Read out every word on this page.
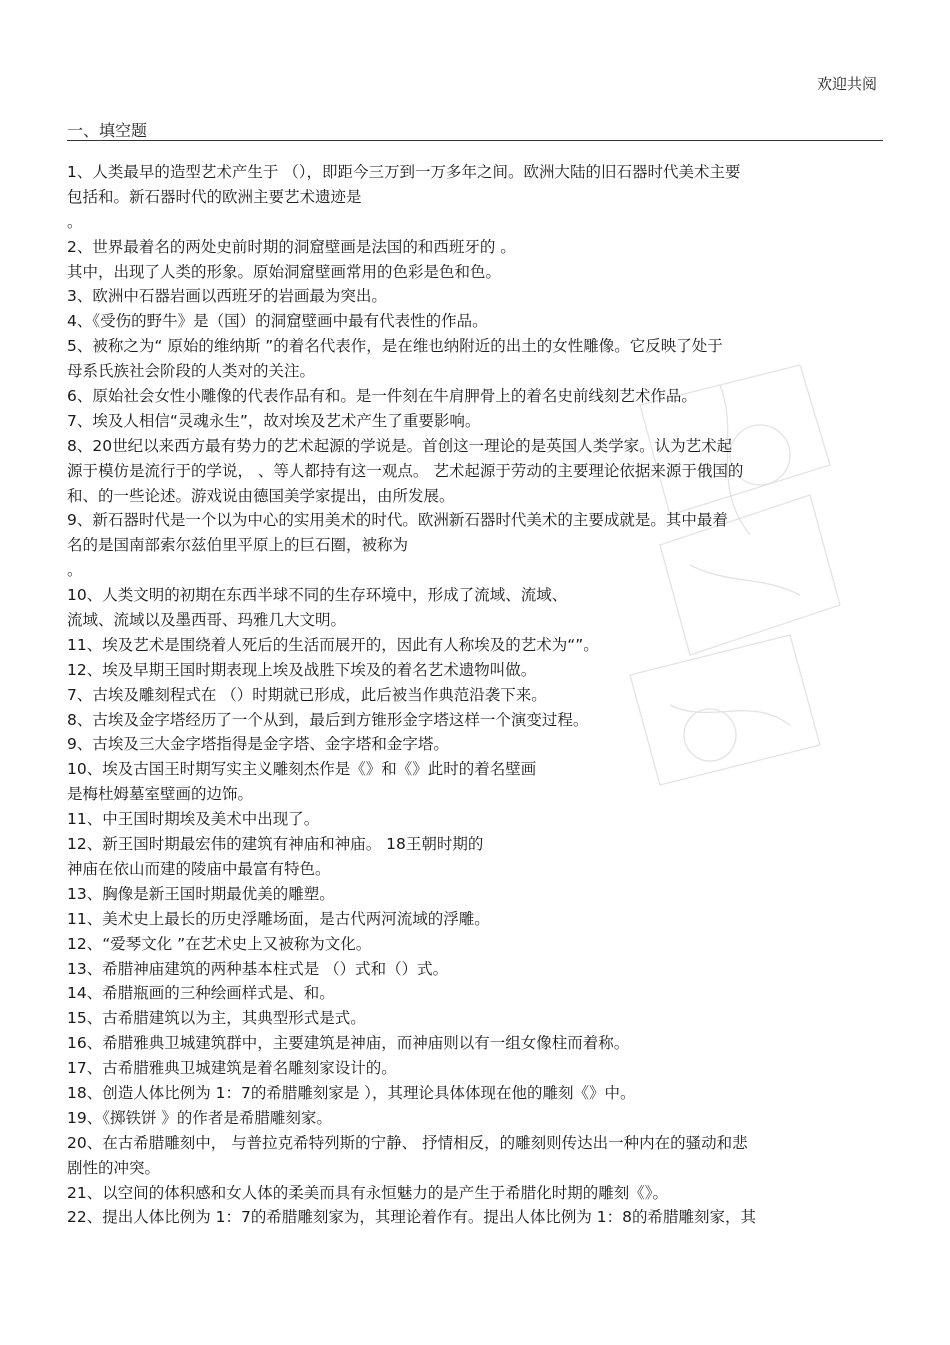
欢迎共阅
一、填空题
1、人类最早的造型艺术产生于 （），即距今三万到一万多年之间。欧洲大陆的旧石器时代美术主要
包括和。新石器时代的欧洲主要艺术遗迹是
。
2、世界最着名的两处史前时期的洞窟壁画是法国的和西班牙的 。
其中，出现了人类的形象。原始洞窟壁画常用的色彩是色和色。
3、欧洲中石器岩画以西班牙的岩画最为突出。
4、《受伤的野牛》是（国）的洞窟壁画中最有代表性的作品。
5、被称之为“ 原始的维纳斯 ”的着名代表作，是在维也纳附近的出土的女性雕像。它反映了处于
母系氏族社会阶段的人类对的关注。
6、原始社会女性小雕像的代表作品有和。是一件刻在牛肩胛骨上的着名史前线刻艺术作品。
7、埃及人相信“灵魂永生”，故对埃及艺术产生了重要影响。
8、20世纪以来西方最有势力的艺术起源的学说是。首创这一理论的是英国人类学家。认为艺术起
源于模仿是流行于的学说， 、等人都持有这一观点。 艺术起源于劳动的主要理论依据来源于俄国的
和、的一些论述。游戏说由德国美学家提出，由所发展。
9、新石器时代是一个以为中心的实用美术的时代。欧洲新石器时代美术的主要成就是。其中最着
名的是国南部索尔兹伯里平原上的巨石圈，被称为
。
10、人类文明的初期在东西半球不同的生存环境中，形成了流域、流域、
流域、流域以及墨西哥、玛雅几大文明。
11、埃及艺术是围绕着人死后的生活而展开的，因此有人称埃及的艺术为“”。
12、埃及早期王国时期表现上埃及战胜下埃及的着名艺术遗物叫做。
7、古埃及雕刻程式在 （）时期就已形成，此后被当作典范沿袭下来。
8、古埃及金字塔经历了一个从到，最后到方锥形金字塔这样一个演变过程。
9、古埃及三大金字塔指得是金字塔、金字塔和金字塔。
10、埃及古国王时期写实主义雕刻杰作是《》和《》此时的着名壁画
是梅杜姆墓室壁画的边饰。
11、中王国时期埃及美术中出现了。
12、新王国时期最宏伟的建筑有神庙和神庙。 18王朝时期的
神庙在依山而建的陵庙中最富有特色。
13、胸像是新王国时期最优美的雕塑。
11、美术史上最长的历史浮雕场面，是古代两河流域的浮雕。
12、“爱琴文化 ”在艺术史上又被称为文化。
13、希腊神庙建筑的两种基本柱式是 （）式和（）式。
14、希腊瓶画的三种绘画样式是、和。
15、古希腊建筑以为主，其典型形式是式。
16、希腊雅典卫城建筑群中，主要建筑是神庙，而神庙则以有一组女像柱而着称。
17、古希腊雅典卫城建筑是着名雕刻家设计的。
18、创造人体比例为 1：7的希腊雕刻家是 ），其理论具体体现在他的雕刻《》中。
19、《掷铁饼 》的作者是希腊雕刻家。
20、在古希腊雕刻中， 与普拉克希特列斯的宁静、 抒情相反，的雕刻则传达出一种内在的骚动和悲
剧性的冲突。
21、以空间的体积感和女人体的柔美而具有永恒魅力的是产生于希腊化时期的雕刻《》。
22、提出人体比例为 1：7的希腊雕刻家为，其理论着作有。提出人体比例为 1：8的希腊雕刻家，其
